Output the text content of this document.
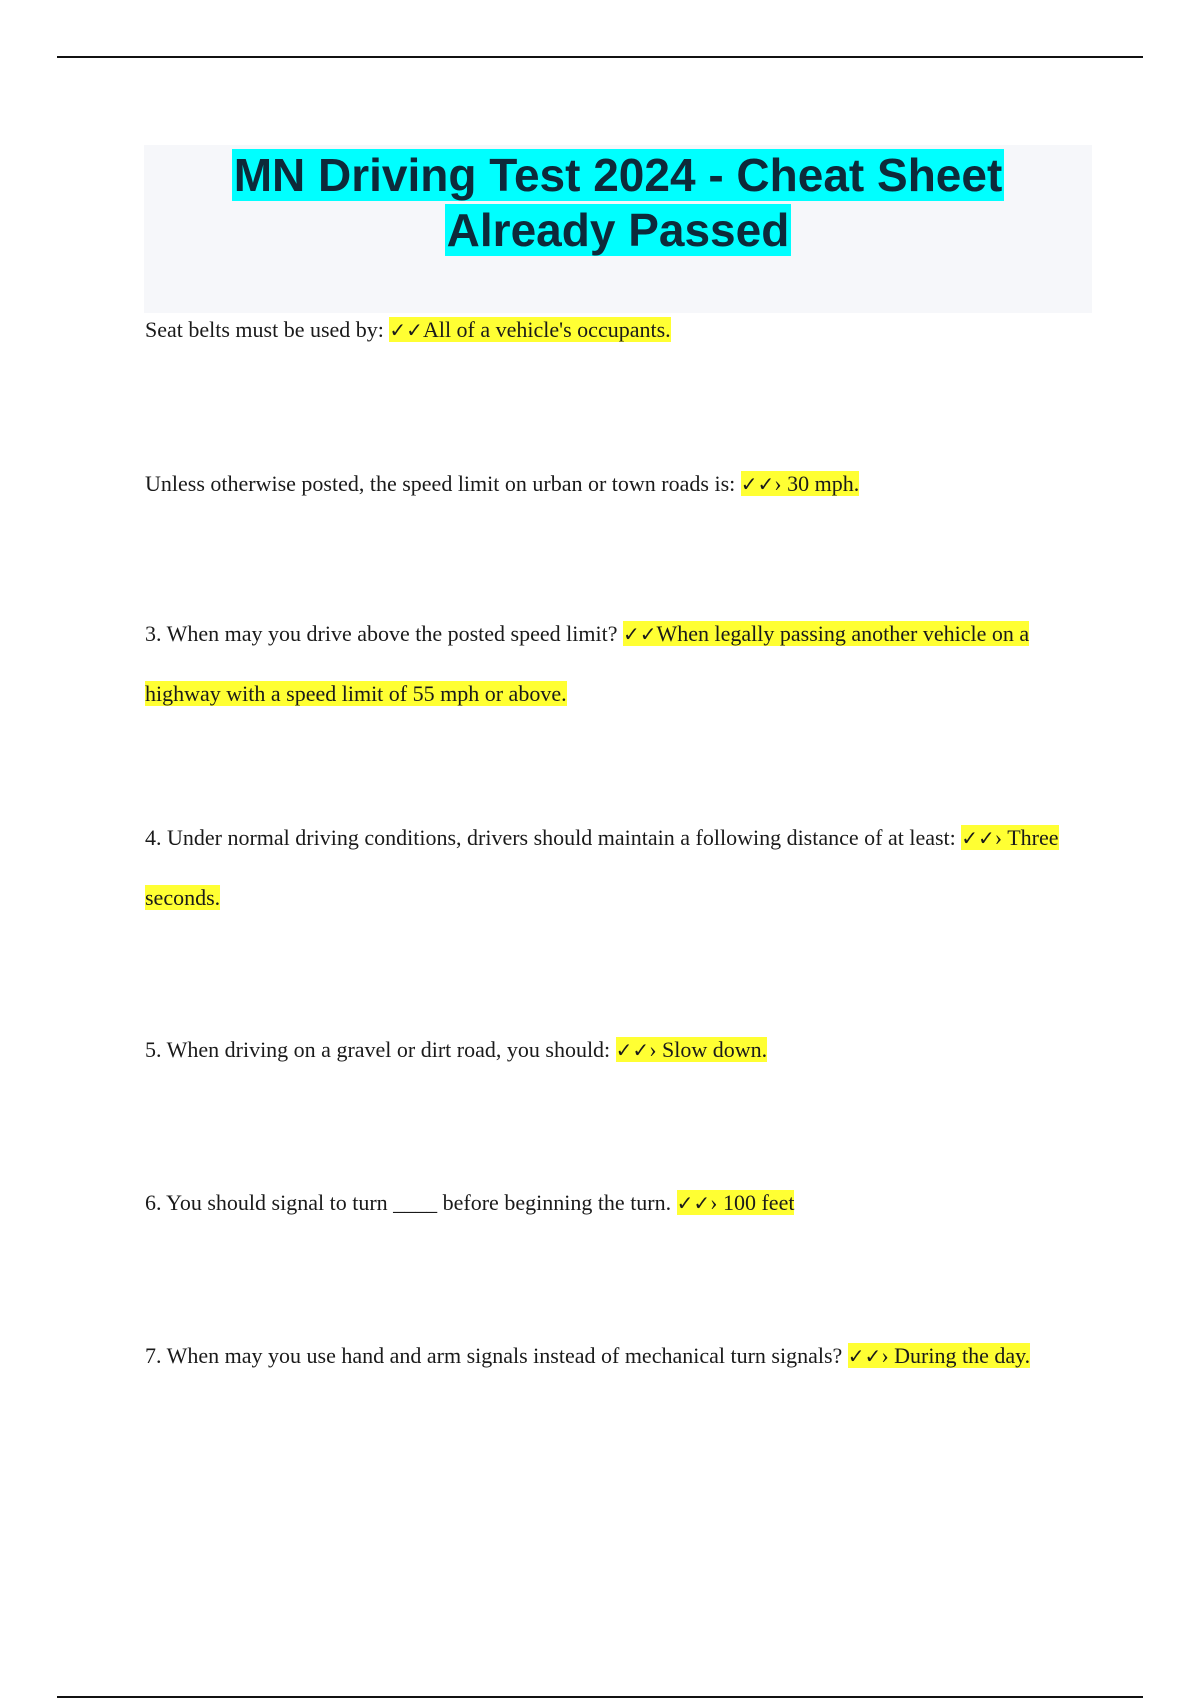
MN Driving Test 2024 - Cheat Sheet
Already Passed
Seat belts must be used by: ✓✓All of a vehicle's occupants.
Unless otherwise posted, the speed limit on urban or town roads is: ✓✓› 30 mph.
3. When may you drive above the posted speed limit? ✓✓When legally passing another vehicle on a highway with a speed limit of 55 mph or above.
4. Under normal driving conditions, drivers should maintain a following distance of at least: ✓✓› Three seconds.
5. When driving on a gravel or dirt road, you should: ✓✓› Slow down.
6. You should signal to turn ____ before beginning the turn. ✓✓› 100 feet
7. When may you use hand and arm signals instead of mechanical turn signals? ✓✓› During the day.
